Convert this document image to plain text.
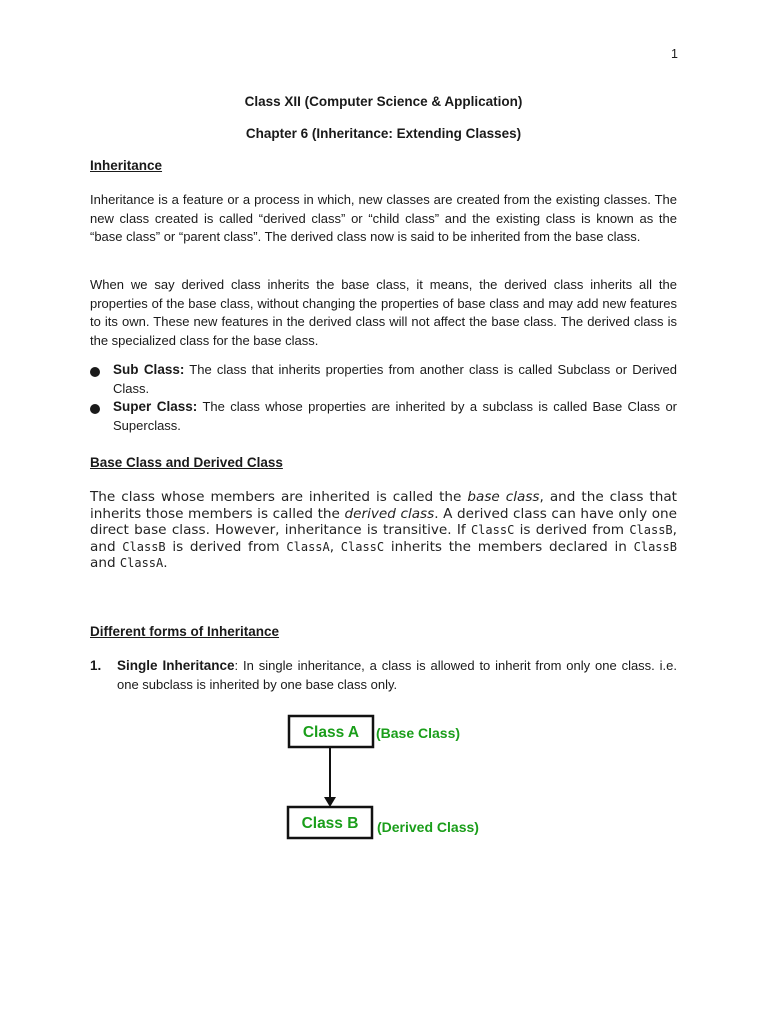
1
Class XII (Computer Science & Application)
Chapter 6 (Inheritance: Extending Classes)
Inheritance

Inheritance is a feature or a process in which, new classes are created from the existing classes. The new class created is called “derived class” or “child class” and the existing class is known as the “base class” or “parent class”. The derived class now is said to be inherited from the base class.

When we say derived class inherits the base class, it means, the derived class inherits all the properties of the base class, without changing the properties of base class and may add new features to its own. These new features in the derived class will not affect the base class. The derived class is the specialized class for the base class.

Sub Class: The class that inherits properties from another class is called Subclass or Derived Class.
Super Class: The class whose properties are inherited by a subclass is called Base Class or Superclass.
Base Class and Derived Class

The class whose members are inherited is called the base class, and the class that inherits those members is called the derived class. A derived class can have only one direct base class. However, inheritance is transitive. If ClassC is derived from ClassB, and ClassB is derived from ClassA, ClassC inherits the members declared in ClassB and ClassA.

Different forms of Inheritance
1. Single Inheritance: In single inheritance, a class is allowed to inherit from only one class. i.e. one subclass is inherited by one base class only.
Class A (Base Class)
Class B (Derived Class)
